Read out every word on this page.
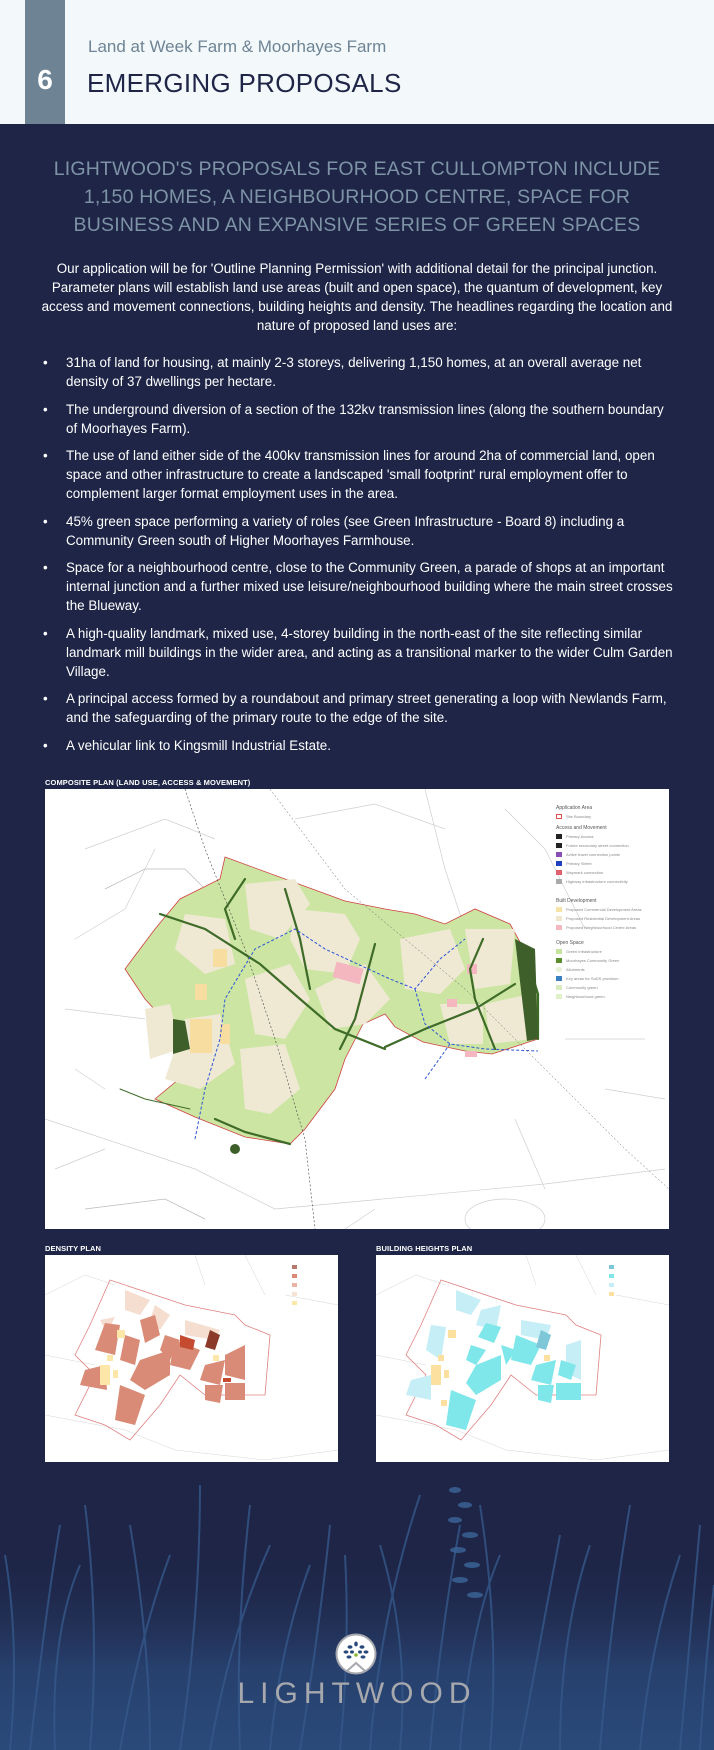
6
Land at Week Farm & Moorhayes Farm
EMERGING PROPOSALS
LIGHTWOOD'S PROPOSALS FOR EAST CULLOMPTON INCLUDE 1,150 HOMES, A NEIGHBOURHOOD CENTRE, SPACE FOR BUSINESS AND AN EXPANSIVE SERIES OF GREEN SPACES
Our application will be for 'Outline Planning Permission' with additional detail for the principal junction. Parameter plans will establish land use areas (built and open space), the quantum of development, key access and movement connections, building heights and density. The headlines regarding the location and nature of proposed land uses are:
• 31ha of land for housing, at mainly 2-3 storeys, delivering 1,150 homes, at an overall average net density of 37 dwellings per hectare.
• The underground diversion of a section of the 132kv transmission lines (along the southern boundary of Moorhayes Farm).
• The use of land either side of the 400kv transmission lines for around 2ha of commercial land, open space and other infrastructure to create a landscaped 'small footprint' rural employment offer to complement larger format employment uses in the area.
• 45% green space performing a variety of roles (see Green Infrastructure - Board 8) including a Community Green south of Higher Moorhayes Farmhouse.
• Space for a neighbourhood centre, close to the Community Green, a parade of shops at an important internal junction and a further mixed use leisure/neighbourhood building where the main street crosses the Blueway.
• A high-quality landmark, mixed use, 4-storey building in the north-east of the site reflecting similar landmark mill buildings in the wider area, and acting as a transitional marker to the wider Culm Garden Village.
• A principal access formed by a roundabout and primary street generating a loop with Newlands Farm, and the safeguarding of the primary route to the edge of the site.
• A vehicular link to Kingsmill Industrial Estate.
COMPOSITE PLAN (LAND USE, ACCESS & MOVEMENT)
Application Area
Site Boundary
Access and Movement
Primary Access
Future secondary street connection
Active travel connection points
Primary Street
Waymark connection
Highway infrastructure connectivity
Built Development
Proposed Commercial Development Areas
Proposed Residential Development Areas
Proposed Neighbourhood Centre Areas
Open Space
Green Infrastructure
Moorhayes Community Green
Allotments
Key areas for SuDS provision
Community green
Neighbourhood green
DENSITY PLAN	BUILDING HEIGHTS PLAN
LIGHTWOOD
